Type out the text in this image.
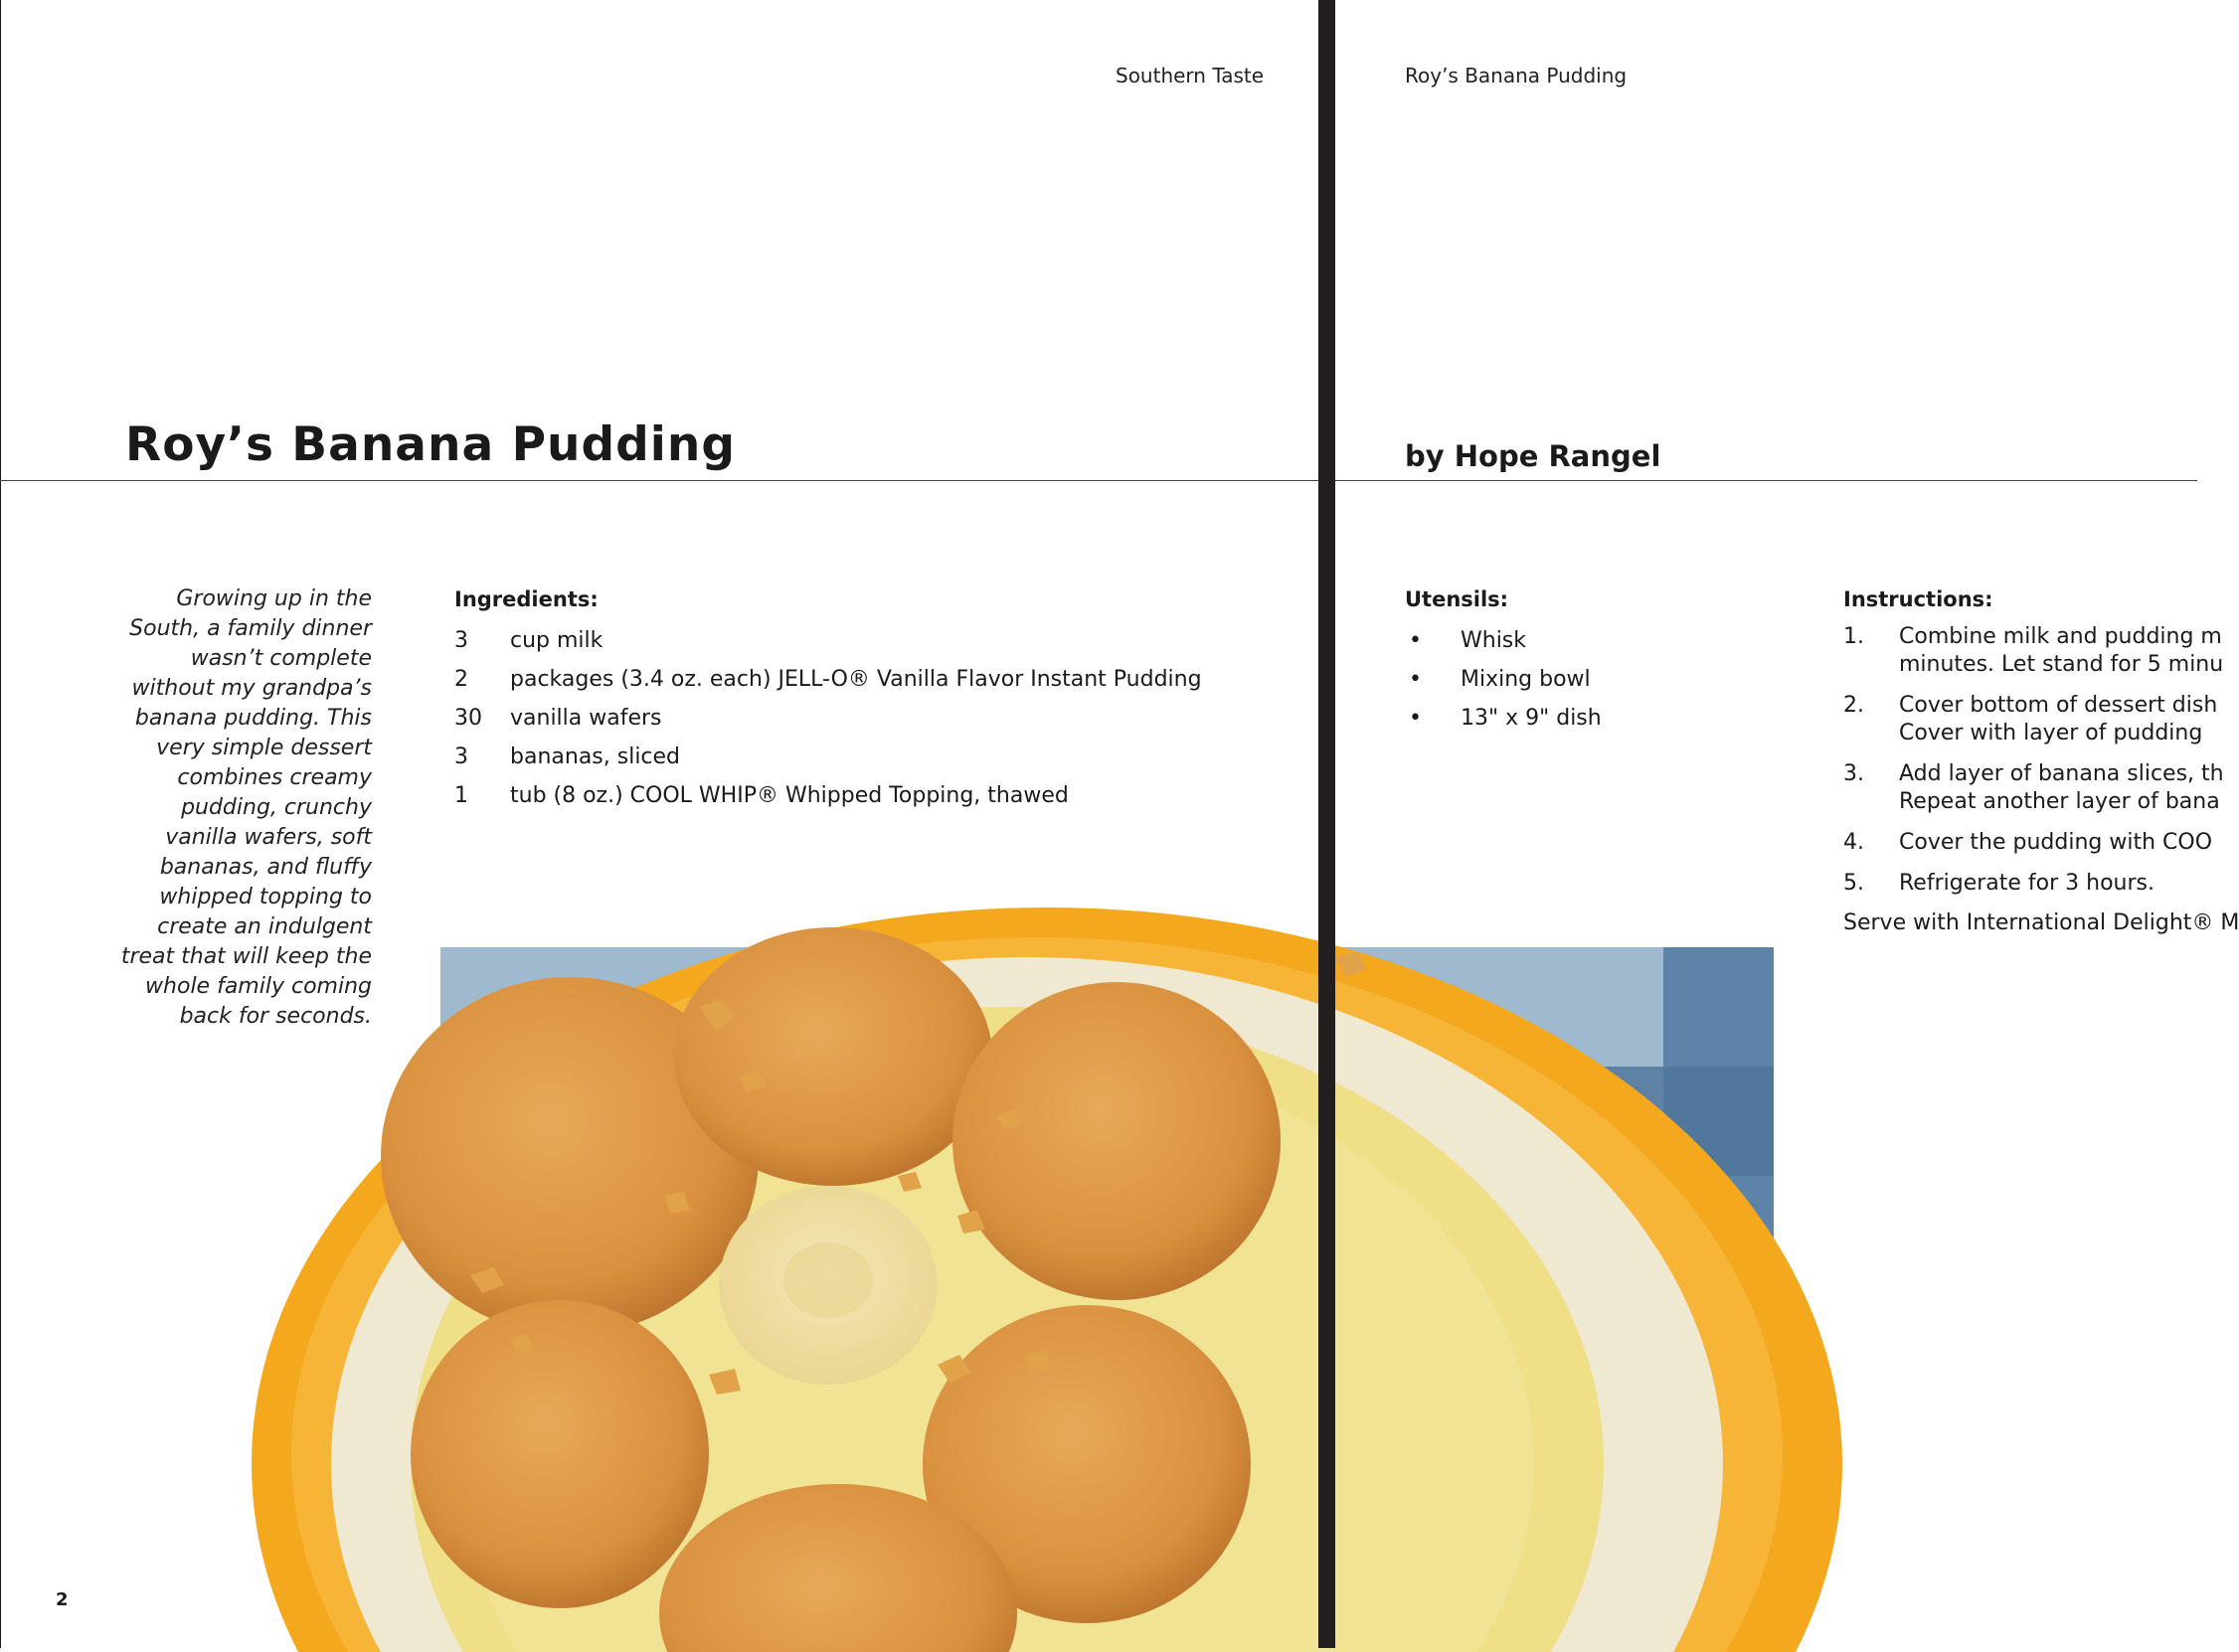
Southern Taste
Roy’s Banana Pudding
Growing up in the
South, a family dinner
wasn’t complete
without my grandpa’s
banana pudding. This
very simple dessert
combines creamy
pudding, crunchy
vanilla wafers, soft
bananas, and fluffy
whipped topping to
create an indulgent
treat that will keep the
whole family coming
back for seconds.
Ingredients:
3	cup milk
2	packages (3.4 oz. each) JELL-O® Vanilla Flavor Instant Pudding
30	vanilla wafers
3	bananas, sliced
1	tub (8 oz.) COOL WHIP® Whipped Topping, thawed
2
Roy’s Banana Pudding
by Hope Rangel
Utensils:
•	Whisk
•	Mixing bowl
•	13" x 9" dish
Instructions:
1.	Combine milk and pudding m
minutes. Let stand for 5 minu
2.	Cover bottom of dessert dish
Cover with layer of pudding
3.	Add layer of banana slices, th
Repeat another layer of bana
4.	Cover the pudding with COO
5.	Refrigerate for 3 hours.
Serve with International Delight® M
